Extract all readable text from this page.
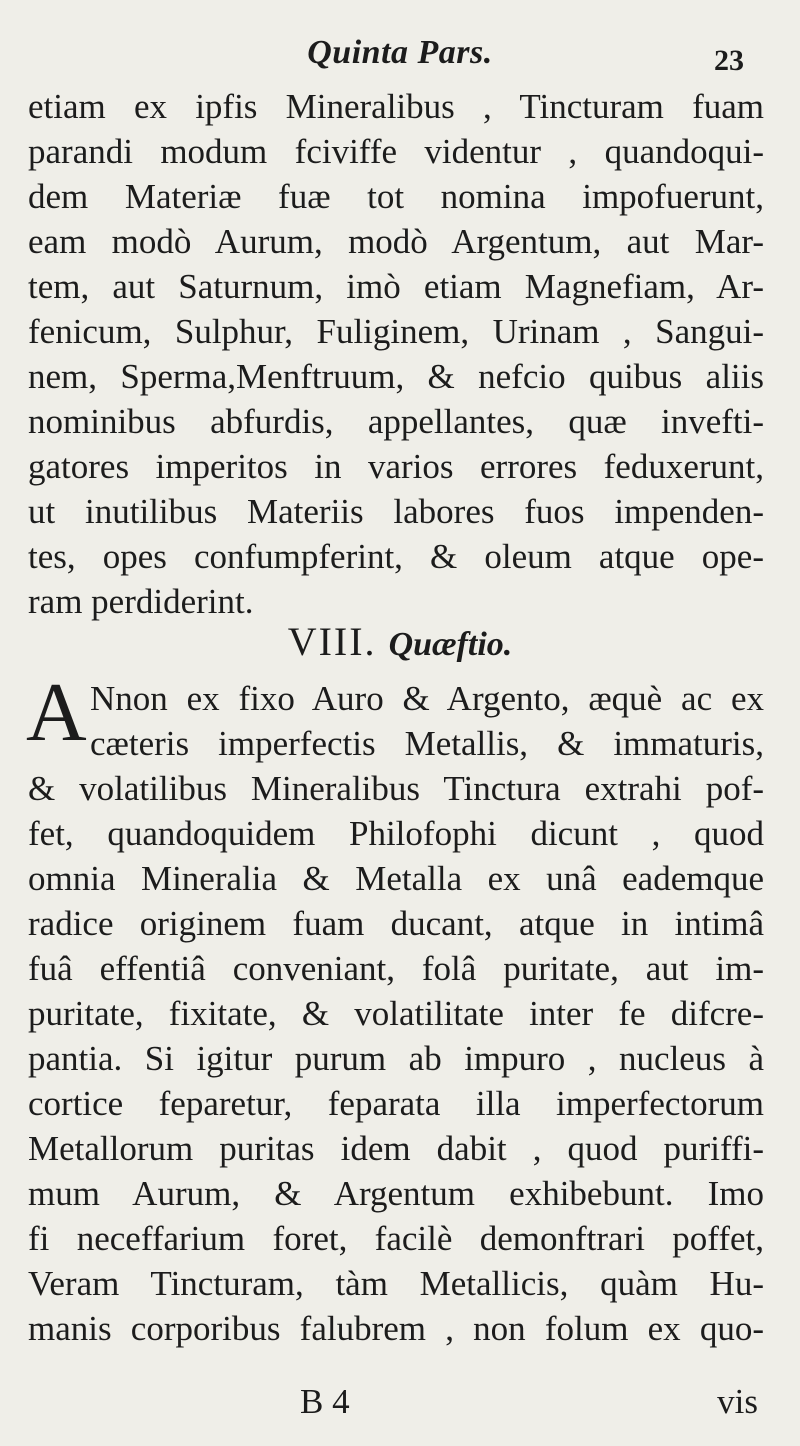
Quinta Pars.	23
etiam ex ipfis Mineralibus , Tincturam fuam
parandi modum fciviffe videntur , quandoqui-
dem Materiæ fuæ tot nomina impofuerunt,
eam modò Aurum, modò Argentum, aut Mar-
tem, aut Saturnum, imò etiam Magnefiam, Ar-
fenicum, Sulphur, Fuliginem, Urinam , Sangui-
nem, Sperma,Menftruum, & nefcio quibus aliis
nominibus abfurdis, appellantes, quæ invefti-
gatores imperitos in varios errores feduxerunt,
ut inutilibus Materiis labores fuos impenden-
tes, opes confumpferint, & oleum atque ope-
ram perdiderint.
VIII. Quæftio.
A Nnon ex fixo Auro & Argento, æquè ac ex
cæteris imperfectis Metallis, & immaturis,
& volatilibus Mineralibus Tinctura extrahi pof-
fet, quandoquidem Philofophi dicunt , quod
omnia Mineralia & Metalla ex unâ eademque
radice originem fuam ducant, atque in intimâ
fuâ effentiâ conveniant, folâ puritate, aut im-
puritate, fixitate, & volatilitate inter fe difcre-
pantia. Si igitur purum ab impuro , nucleus à
cortice feparetur, feparata illa imperfectorum
Metallorum puritas idem dabit , quod puriffi-
mum Aurum, & Argentum exhibebunt. Imo
fi neceffarium foret, facilè demonftrari poffet,
Veram Tincturam, tàm Metallicis, quàm Hu-
manis corporibus falubrem , non folum ex quo-
B 4	vis
